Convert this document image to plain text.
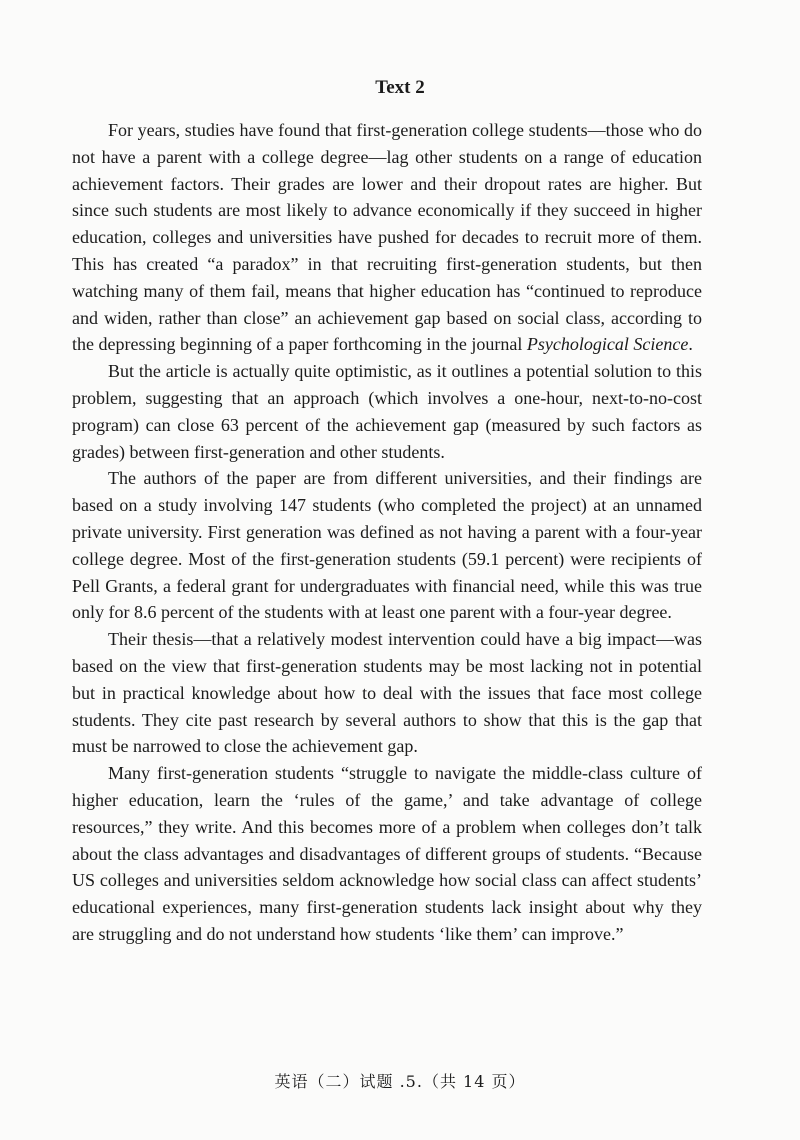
Text 2

For years, studies have found that first-generation college students—those who do not have a parent with a college degree—lag other students on a range of education achievement factors. Their grades are lower and their dropout rates are higher. But since such students are most likely to advance economically if they succeed in higher education, colleges and universities have pushed for decades to recruit more of them. This has created “a paradox” in that recruiting first-generation students, but then watching many of them fail, means that higher education has “continued to reproduce and widen, rather than close” an achievement gap based on social class, according to the depressing beginning of a paper forthcoming in the journal Psychological Science.

But the article is actually quite optimistic, as it outlines a potential solution to this problem, suggesting that an approach (which involves a one-hour, next-to-no-cost program) can close 63 percent of the achievement gap (measured by such factors as grades) between first-generation and other students.

The authors of the paper are from different universities, and their findings are based on a study involving 147 students (who completed the project) at an unnamed private university. First generation was defined as not having a parent with a four-year college degree. Most of the first-generation students (59.1 percent) were recipients of Pell Grants, a federal grant for undergraduates with financial need, while this was true only for 8.6 percent of the students with at least one parent with a four-year degree.

Their thesis—that a relatively modest intervention could have a big impact—was based on the view that first-generation students may be most lacking not in potential but in practical knowledge about how to deal with the issues that face most college students. They cite past research by several authors to show that this is the gap that must be narrowed to close the achievement gap.

Many first-generation students “struggle to navigate the middle-class culture of higher education, learn the ‘rules of the game,’ and take advantage of college resources,” they write. And this becomes more of a problem when colleges don’t talk about the class advantages and disadvantages of different groups of students. “Because US colleges and universities seldom acknowledge how social class can affect students’ educational experiences, many first-generation students lack insight about why they are struggling and do not understand how students ‘like them’ can improve.”

英语（二）试题 .5.（共 14 页）
